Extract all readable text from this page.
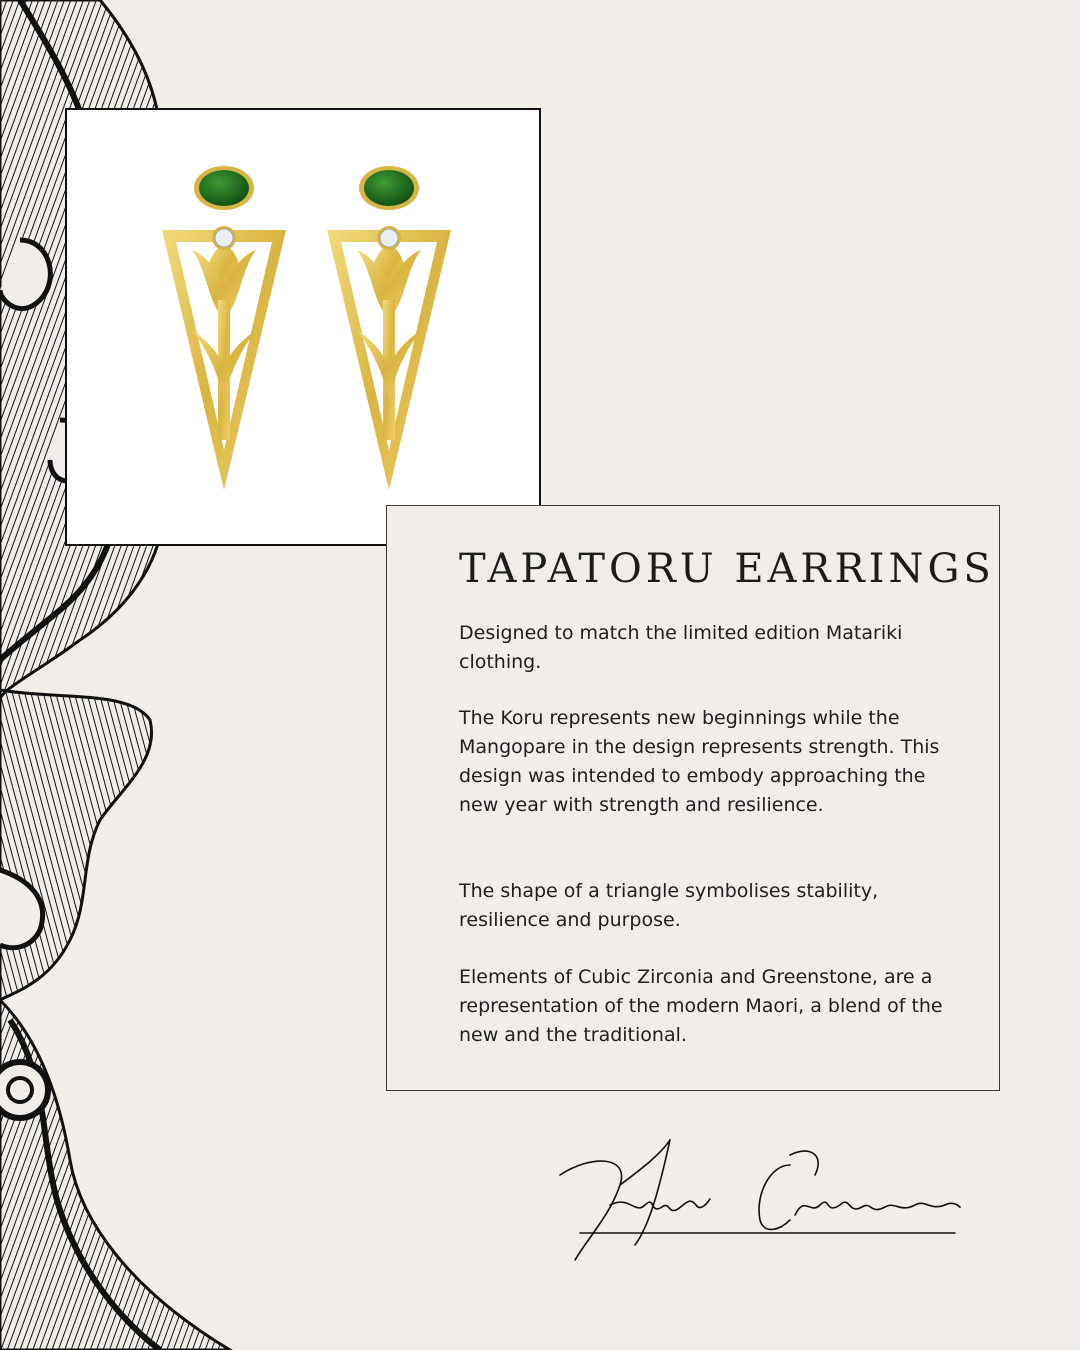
TAPATORU EARRINGS

Designed to match the limited edition Matariki clothing.

The Koru represents new beginnings while the Mangopare in the design represents strength. This design was intended to embody approaching the new year with strength and resilience.

The shape of a triangle symbolises stability, resilience and purpose.

Elements of Cubic Zirconia and Greenstone, are a representation of the modern Maori, a blend of the new and the traditional.
